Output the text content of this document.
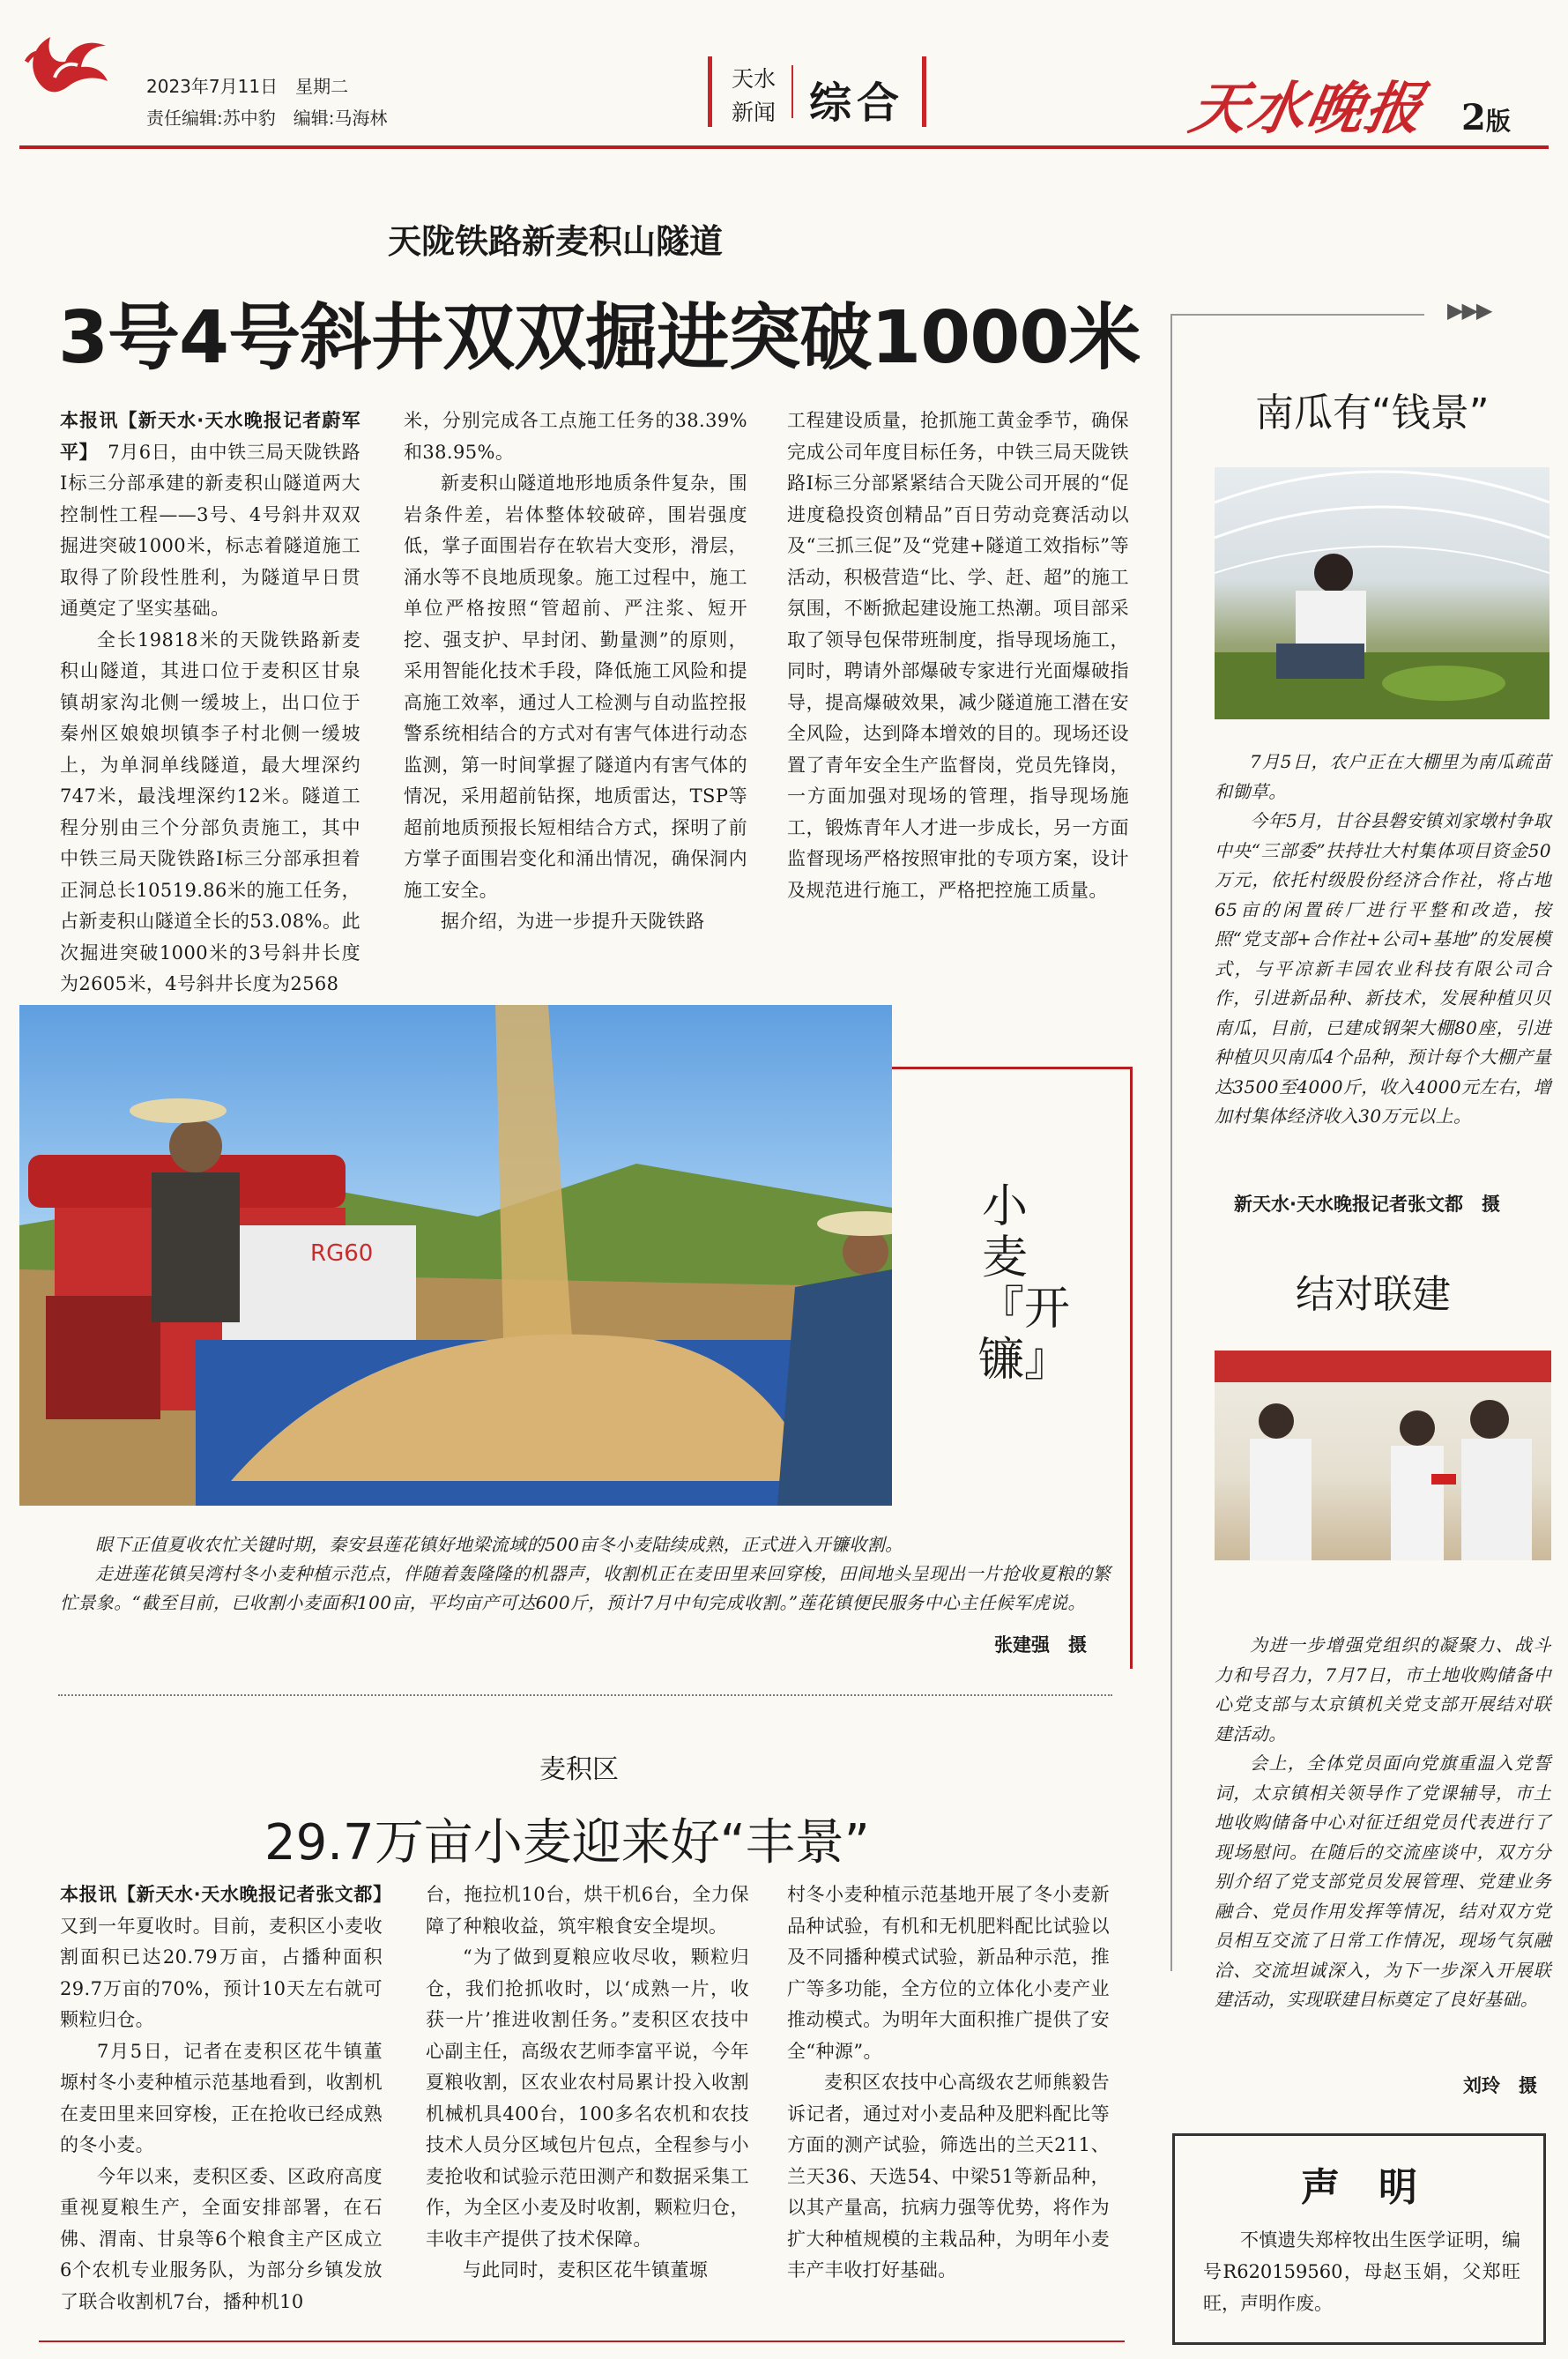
2023年7月11日　星期二
责任编辑:苏中豹　编辑:马海林
天水
新闻 综合	天水晚报 2版
天陇铁路新麦积山隧道
3号4号斜井双双掘进突破1000米

本报讯【新天水·天水晚报记者蔚军平】　 7月6日，由中铁三局天陇铁路Ⅰ标三分部承建的新麦积山隧道两大控制性工程——3号、4号斜井双双掘进突破1000米，标志着隧道施工取得了阶段性胜利，为隧道早日贯通奠定了坚实基础。

全长19818米的天陇铁路新麦积山隧道，其进口位于麦积区甘泉镇胡家沟北侧一缓坡上，出口位于秦州区娘娘坝镇李子村北侧一缓坡上，为单洞单线隧道，最大埋深约747米，最浅埋深约12米。隧道工程分别由三个分部负责施工，其中中铁三局天陇铁路Ⅰ标三分部承担着正洞总长10519.86米的施工任务，占新麦积山隧道全长的53.08%。此次掘进突破1000米的3号斜井长度为2605米，4号斜井长度为2568

米，分别完成各工点施工任务的38.39%和38.95%。

新麦积山隧道地形地质条件复杂，围岩条件差，岩体整体较破碎，围岩强度低，掌子面围岩存在软岩大变形，滑层，涌水等不良地质现象。施工过程中，施工单位严格按照“管超前、严注浆、短开挖、强支护、早封闭、勤量测”的原则，采用智能化技术手段，降低施工风险和提高施工效率，通过人工检测与自动监控报警系统相结合的方式对有害气体进行动态监测，第一时间掌握了隧道内有害气体的情况，采用超前钻探，地质雷达，TSP等超前地质预报长短相结合方式，探明了前方掌子面围岩变化和涌出情况，确保洞内施工安全。

据介绍，为进一步提升天陇铁路

工程建设质量，抢抓施工黄金季节，确保完成公司年度目标任务，中铁三局天陇铁路Ⅰ标三分部紧紧结合天陇公司开展的“促进度稳投资创精品”百日劳动竞赛活动以及“三抓三促”及“党建+隧道工效指标”等活动，积极营造“比、学、赶、超”的施工氛围，不断掀起建设施工热潮。项目部采取了领导包保带班制度，指导现场施工，同时，聘请外部爆破专家进行光面爆破指导，提高爆破效果，减少隧道施工潜在安全风险，达到降本增效的目的。现场还设置了青年安全生产监督岗，党员先锋岗，一方面加强对现场的管理，指导现场施工，锻炼青年人才进一步成长，另一方面监督现场严格按照审批的专项方案，设计及规范进行施工，严格把控施工质量。

RG60
小麦『开镰』

眼下正值夏收农忙关键时期，秦安县莲花镇好地梁流域的500亩冬小麦陆续成熟，正式进入开镰收割。

走进莲花镇吴湾村冬小麦种植示范点，伴随着轰隆隆的机器声，收割机正在麦田里来回穿梭，田间地头呈现出一片抢收夏粮的繁忙景象。“截至目前，已收割小麦面积100亩，平均亩产可达600斤，预计7月中旬完成收割。”莲花镇便民服务中心主任候军虎说。

张建强　摄
麦积区
29.7万亩小麦迎来好“丰景”

本报讯【新天水·天水晚报记者张文都】　又到一年夏收时。目前，麦积区小麦收割面积已达20.79万亩，占播种面积29.7万亩的70%，预计10天左右就可颗粒归仓。

7月5日，记者在麦积区花牛镇董塬村冬小麦种植示范基地看到，收割机在麦田里来回穿梭，正在抢收已经成熟的冬小麦。

今年以来，麦积区委、区政府高度重视夏粮生产，全面安排部署，在石佛、渭南、甘泉等6个粮食主产区成立6个农机专业服务队，为部分乡镇发放了联合收割机7台，播种机10

台，拖拉机10台，烘干机6台，全力保障了种粮收益，筑牢粮食安全堤坝。

“为了做到夏粮应收尽收，颗粒归仓，我们抢抓收时，以‘成熟一片，收获一片’推进收割任务。”麦积区农技中心副主任，高级农艺师李富平说，今年夏粮收割，区农业农村局累计投入收割机械机具400台，100多名农机和农技技术人员分区域包片包点，全程参与小麦抢收和试验示范田测产和数据采集工作，为全区小麦及时收割，颗粒归仓，丰收丰产提供了技术保障。

与此同时，麦积区花牛镇董塬

村冬小麦种植示范基地开展了冬小麦新品种试验，有机和无机肥料配比试验以及不同播种模式试验，新品种示范，推广等多功能，全方位的立体化小麦产业推动模式。为明年大面积推广提供了安全“种源”。

麦积区农技中心高级农艺师熊毅告诉记者，通过对小麦品种及肥料配比等方面的测产试验，筛选出的兰天211、兰天36、天选54、中梁51等新品种，以其产量高，抗病力强等优势，将作为扩大种植规模的主栽品种，为明年小麦丰产丰收打好基础。

▶▶▶
南瓜有“钱景”

7月5日，农户正在大棚里为南瓜疏苗和锄草。

今年5月，甘谷县磐安镇刘家墩村争取中央“三部委”扶持壮大村集体项目资金50万元，依托村级股份经济合作社，将占地65亩的闲置砖厂进行平整和改造，按照“党支部+合作社+公司+基地”的发展模式，与平凉新丰园农业科技有限公司合作，引进新品种、新技术，发展种植贝贝南瓜，目前，已建成钢架大棚80座，引进种植贝贝南瓜4个品种，预计每个大棚产量达3500至4000斤，收入4000元左右，增加村集体经济收入30万元以上。

新天水·天水晚报记者张文都　摄
结对联建

为进一步增强党组织的凝聚力、战斗力和号召力，7月7日，市土地收购储备中心党支部与太京镇机关党支部开展结对联建活动。

会上，全体党员面向党旗重温入党誓词，太京镇相关领导作了党课辅导，市土地收购储备中心对征迁组党员代表进行了现场慰问。在随后的交流座谈中，双方分别介绍了党支部党员发展管理、党建业务融合、党员作用发挥等情况，结对双方党员相互交流了日常工作情况，现场气氛融洽、交流坦诚深入，为下一步深入开展联建活动，实现联建目标奠定了良好基础。

刘玲　摄
声　明
不慎遗失郑梓牧出生医学证明，编号R620159560，母赵玉娟，父郑旺旺，声明作废。
